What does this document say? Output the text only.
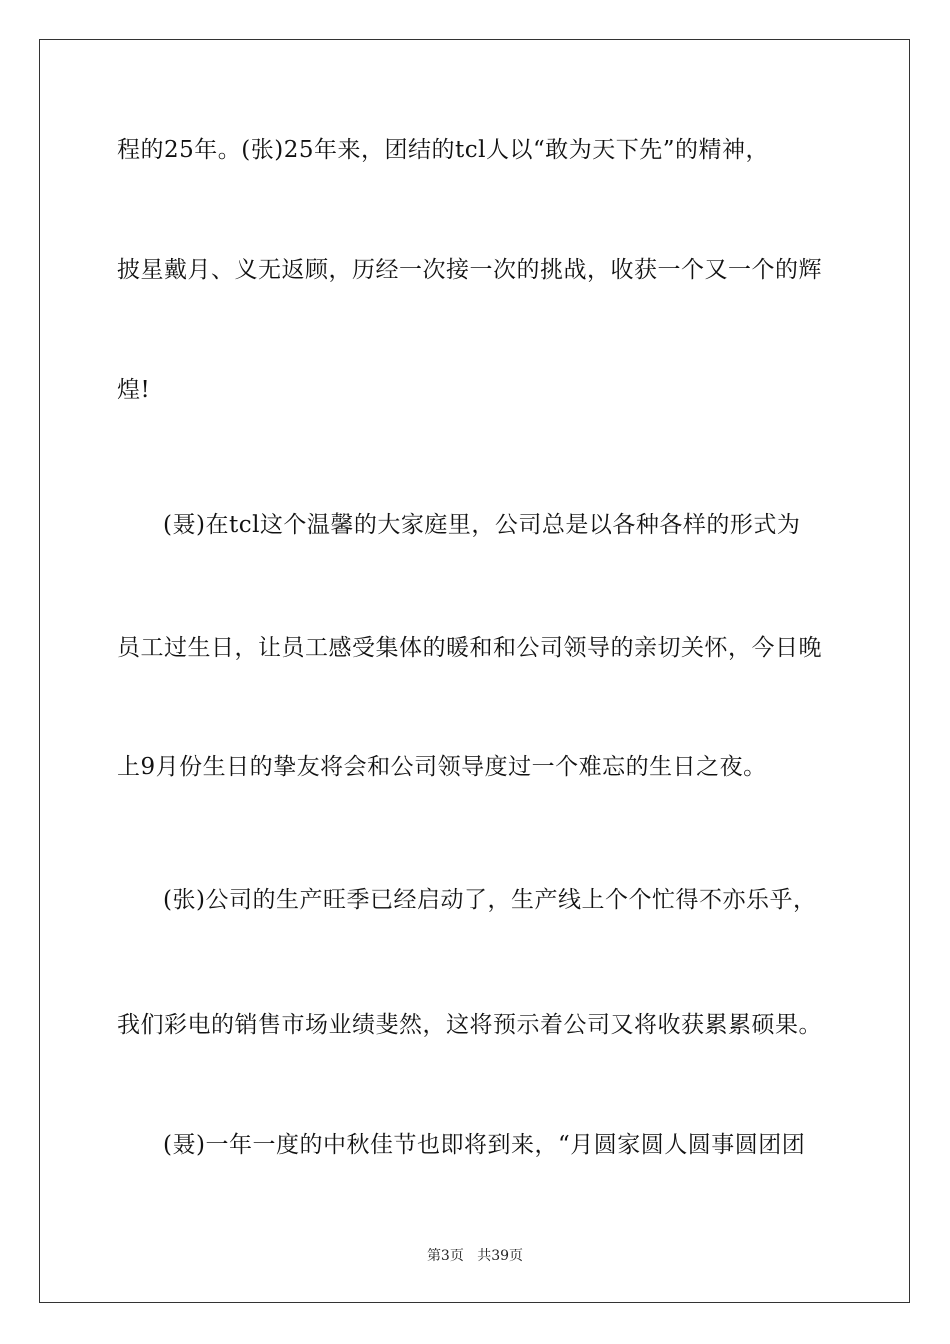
程的25年。(张)25年来，团结的tcl人以“敢为天下先”的精神，
披星戴月、义无返顾，历经一次接一次的挑战，收获一个又一个的辉
煌!
(聂)在tcl这个温馨的大家庭里，公司总是以各种各样的形式为
员工过生日，让员工感受集体的暖和和公司领导的亲切关怀，今日晚
上9月份生日的挚友将会和公司领导度过一个难忘的生日之夜。
(张)公司的生产旺季已经启动了，生产线上个个忙得不亦乐乎，
我们彩电的销售市场业绩斐然，这将预示着公司又将收获累累硕果。
(聂)一年一度的中秋佳节也即将到来，“月圆家圆人圆事圆团团
第3页 共39页
